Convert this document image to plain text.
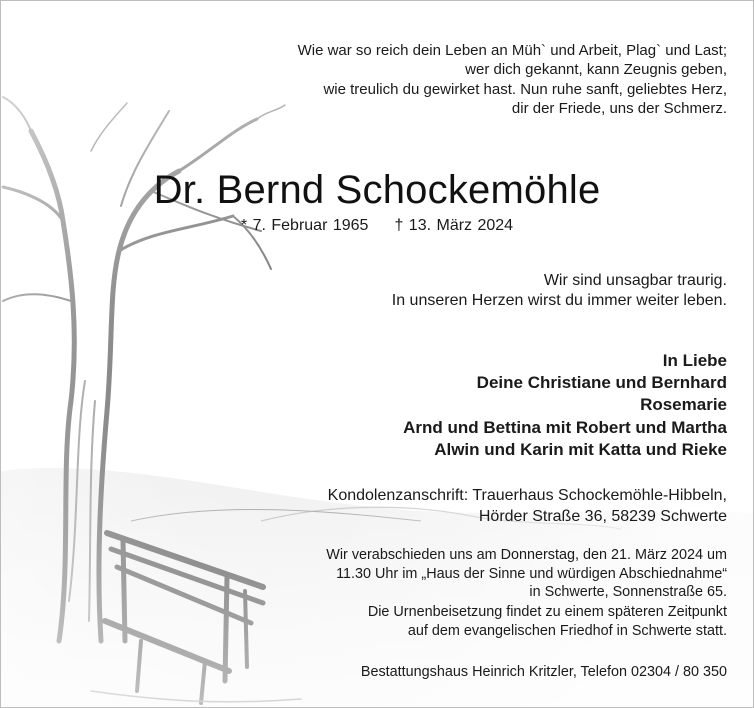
Wie war so reich dein Leben an Müh` und Arbeit, Plag` und Last;
wer dich gekannt, kann Zeugnis geben,
wie treulich du gewirket hast. Nun ruhe sanft, geliebtes Herz,
dir der Friede, uns der Schmerz.
Dr. Bernd Schockemöhle
* 7. Februar 1965 † 13. März 2024
Wir sind unsagbar traurig.
In unseren Herzen wirst du immer weiter leben.
In Liebe
Deine Christiane und Bernhard
Rosemarie
Arnd und Bettina mit Robert und Martha
Alwin und Karin mit Katta und Rieke
Kondolenzanschrift: Trauerhaus Schockemöhle-Hibbeln,
Hörder Straße 36, 58239 Schwerte
Wir verabschieden uns am Donnerstag, den 21. März 2024 um
11.30 Uhr im „Haus der Sinne und würdigen Abschiednahme“
in Schwerte, Sonnenstraße 65.
Die Urnenbeisetzung findet zu einem späteren Zeitpunkt
auf dem evangelischen Friedhof in Schwerte statt.
Bestattungshaus Heinrich Kritzler, Telefon 02304 / 80 350
